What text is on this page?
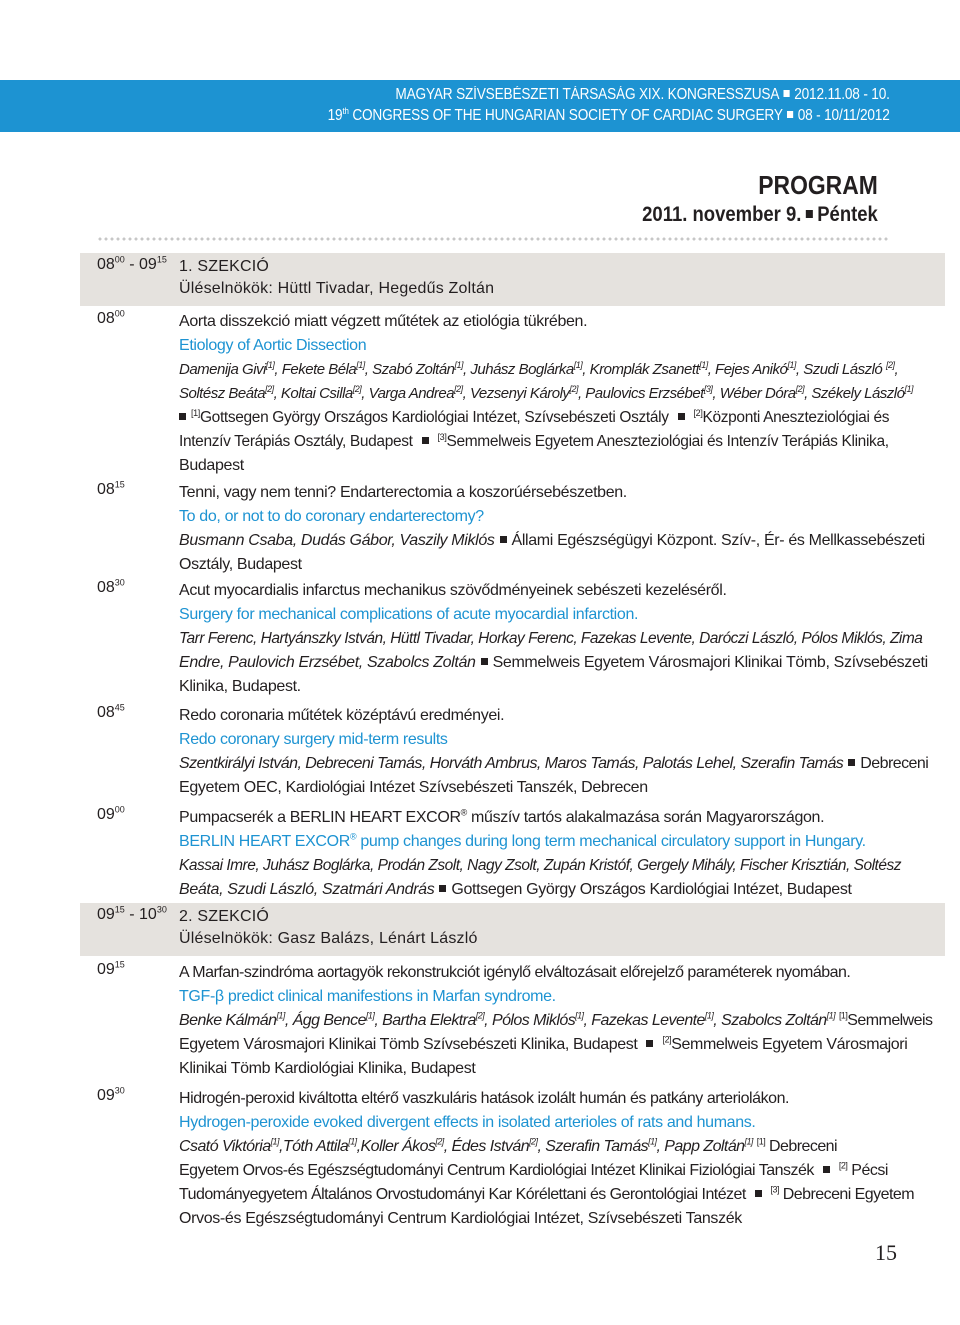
MAGYAR SZÍVSEBÉSZETI TÁRSASÁG XIX. KONGRESSZUSA 2012.11.08 - 10.
19th CONGRESS OF THE HUNGARIAN SOCIETY OF CARDIAC SURGERY 08 - 10/11/2012
PROGRAM
2011. november 9. Péntek
$08^{00} - 09^{15}$ 1. SZEKCIÓ
Üléselnökök: Hüttl Tivadar, Hegedűs Zoltán
$08^{00}$	Aorta disszekció miatt végzett műtétek az etiológia tükrében.
Etiology of Aortic Dissection
Damenija Givi[1], Fekete Béla[1], Szabó Zoltán[1], Juhász Boglárka[1], Kromplák Zsanett[1], Fejes Anikó[1], Szudi László [2],
Soltész Beáta[2], Koltai Csilla[2], Varga Andrea[2], Vezsenyi Károly[2], Paulovics Erzsébet[3], Wéber Dóra[2], Székely László[1]
[1]Gottsegen György Országos Kardiológiai Intézet, Szívsebészeti Osztály  [2]Központi Aneszteziológiai és
Intenzív Terápiás Osztály, Budapest  [3]Semmelweis Egyetem Aneszteziológiai és Intenzív Terápiás Klinika,
Budapest
$08^{15}$	Tenni, vagy nem tenni? Endarterectomia a koszorúérsebészetben.
To do, or not to do coronary endarterectomy?
Busmann Csaba, Dudás Gábor, Vaszily Miklós Állami Egészségügyi Központ. Szív-, Ér- és Mellkassebészeti
Osztály, Budapest
$08^{30}$	Acut myocardialis infarctus mechanikus szövődményeinek sebészeti kezeléséről.
Surgery for mechanical complications of acute myocardial infarction.
Tarr Ferenc, Hartyánszky István, Hüttl Tivadar, Horkay Ferenc, Fazekas Levente, Daróczi László, Pólos Miklós, Zima
Endre, Paulovich Erzsébet, Szabolcs Zoltán Semmelweis Egyetem Városmajori Klinikai Tömb, Szívsebészeti
Klinika, Budapest.
$08^{45}$	Redo coronaria műtétek középtávú eredményei.
Redo coronary surgery mid-term results
Szentkirályi István, Debreceni Tamás, Horváth Ambrus, Maros Tamás, Palotás Lehel, Szerafin Tamás Debreceni
Egyetem OEC, Kardiológiai Intézet Szívsebészeti Tanszék, Debrecen
$09^{00}$	Pumpacserék a BERLIN HEART EXCOR® műszív tartós alakalmazása során Magyarországon.
BERLIN HEART EXCOR® pump changes during long term mechanical circulatory support in Hungary.
Kassai Imre, Juhász Boglárka, Prodán Zsolt, Nagy Zsolt, Zupán Kristóf, Gergely Mihály, Fischer Krisztián, Soltész
Beáta, Szudi László, Szatmári András Gottsegen György Országos Kardiológiai Intézet, Budapest
$09^{15} - 10^{30}$ 2. SZEKCIÓ
Üléselnökök: Gasz Balázs, Lénárt László
$09^{15}$	A Marfan-szindróma aortagyök rekonstrukciót igénylő elváltozásait előrejelző paraméterek nyomában.
TGF-β predict clinical manifestions in Marfan syndrome.
Benke Kálmán[1], Ágg Bence[1], Bartha Elektra[2], Pólos Miklós[1], Fazekas Levente[1], Szabolcs Zoltán[1] [1]Semmelweis
Egyetem Városmajori Klinikai Tömb Szívsebészeti Klinika, Budapest  [2]Semmelweis Egyetem Városmajori
Klinikai Tömb Kardiológiai Klinika, Budapest
$09^{30}$	Hidrogén-peroxid kiváltotta eltérő vaszkuláris hatások izolált humán és patkány arteriolákon.
Hydrogen-peroxide evoked divergent effects in isolated arterioles of rats and humans.
Csató Viktória[1],Tóth Attila[1],Koller Ákos[2], Édes István[2], Szerafin Tamás[1], Papp Zoltán[1] [1] Debreceni
Egyetem Orvos-és Egészségtudományi Centrum Kardiológiai Intézet Klinikai Fiziológiai Tanszék  [2] Pécsi
Tudományegyetem Általános Orvostudományi Kar Kórélettani és Gerontológiai Intézet  [3] Debreceni Egyetem
Orvos-és Egészségtudományi Centrum Kardiológiai Intézet, Szívsebészeti Tanszék
15
